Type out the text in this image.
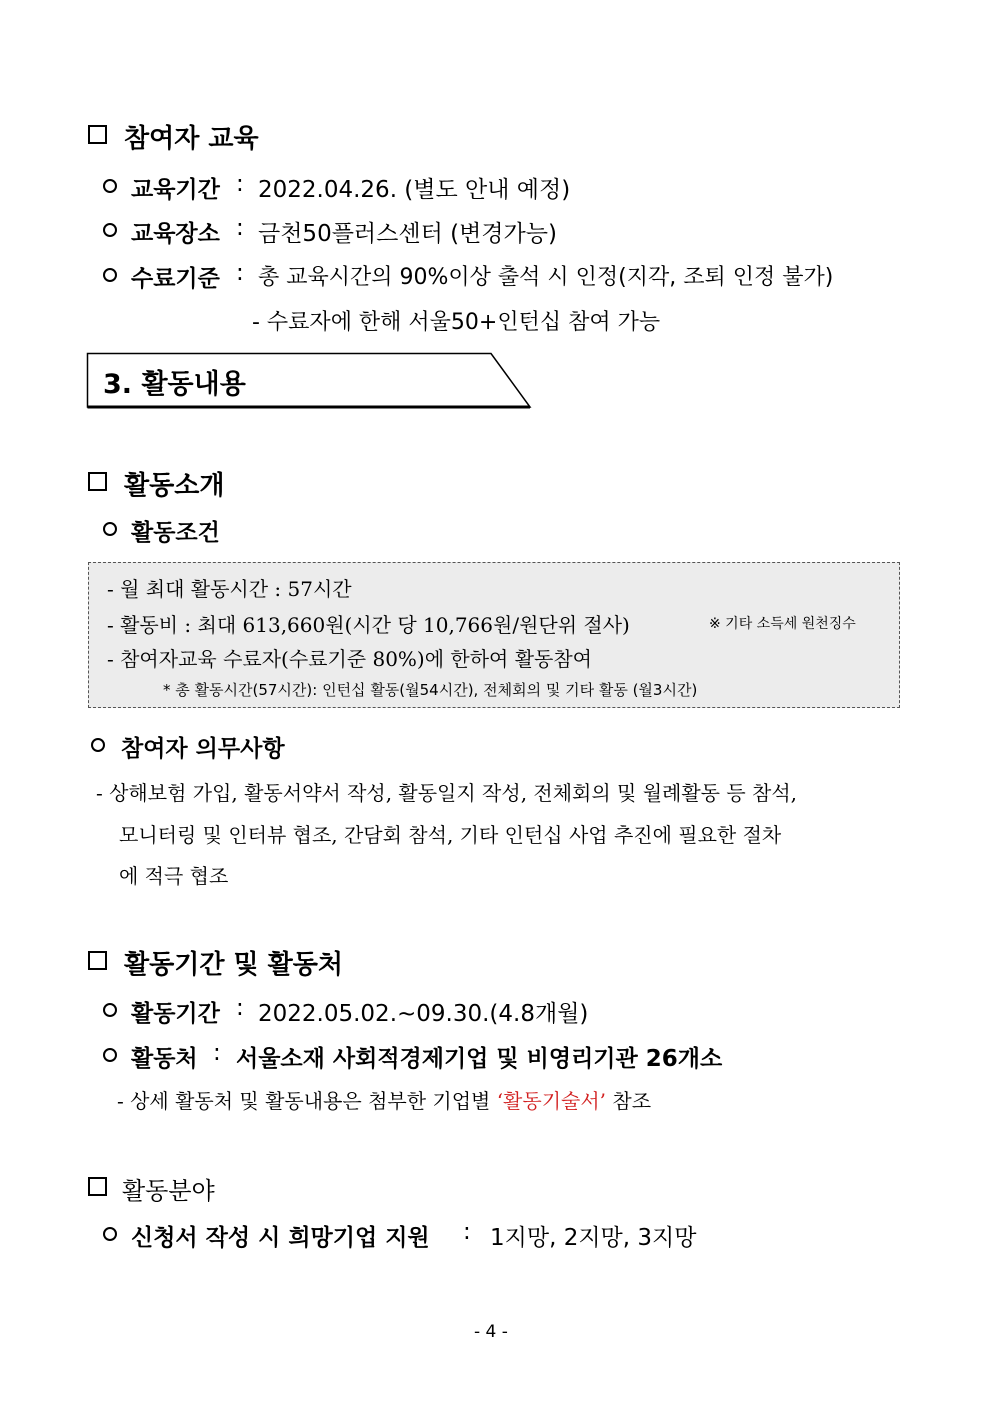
참여자 교육
교육기간 : 2022.04.26. (별도 안내 예정)
교육장소 : 금천50플러스센터 (변경가능)
수료기준 : 총 교육시간의 90%이상 출석 시 인정(지각, 조퇴 인정 불가)
- 수료자에 한해 서울50+인턴십 참여 가능
3. 활동내용
활동소개
활동조건
- 월 최대 활동시간 : 57시간
- 활동비 : 최대 613,660원(시간 당 10,766원/원단위 절사)	※ 기타 소득세 원천징수
- 참여자교육 수료자(수료기준 80%)에 한하여 활동참여
* 총 활동시간(57시간): 인턴십 활동(월54시간), 전체회의 및 기타 활동 (월3시간)
참여자 의무사항
- 상해보험 가입, 활동서약서 작성, 활동일지 작성, 전체회의 및 월례활동 등 참석,
모니터링 및 인터뷰 협조, 간담회 참석, 기타 인턴십 사업 추진에 필요한 절차
에 적극 협조
활동기간 및 활동처
활동기간 : 2022.05.02.~09.30.(4.8개월)
활동처 : 서울소재 사회적경제기업 및 비영리기관 26개소
- 상세 활동처 및 활동내용은 첨부한 기업별 ‘활동기술서’ 참조
활동분야
신청서 작성 시 희망기업 지원 : 1지망, 2지망, 3지망
- 4 -
